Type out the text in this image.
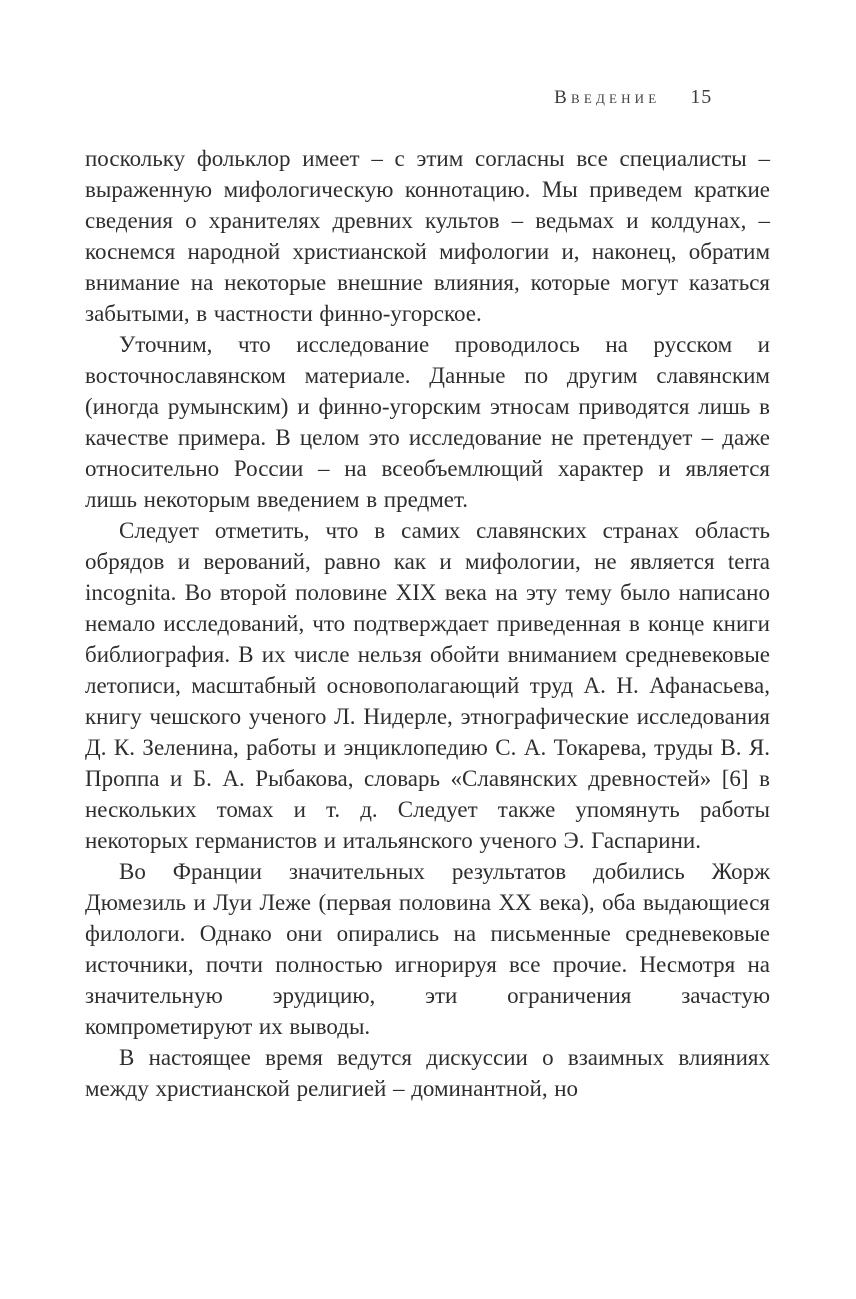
Введение 15

поскольку фольклор имеет – с этим согласны все специалисты – выраженную мифологическую коннотацию. Мы приведем краткие сведения о хранителях древних культов – ведьмах и колдунах, – коснемся народной христианской мифологии и, наконец, обратим внимание на некоторые внешние влияния, которые могут казаться забытыми, в частности финно-угорское.

Уточним, что исследование проводилось на русском и восточнославянском материале. Данные по другим славянским (иногда румынским) и финно-угорским этносам приводятся лишь в качестве примера. В целом это исследование не претендует – даже относительно России – на всеобъемлющий характер и является лишь некоторым введением в предмет.

Следует отметить, что в самих славянских странах область обрядов и верований, равно как и мифологии, не является terra incognita. Во второй половине XIX века на эту тему было написано немало исследований, что подтверждает приведенная в конце книги библиография. В их числе нельзя обойти вниманием средневековые летописи, масштабный основополагающий труд А. Н. Афанасьева, книгу чешского ученого Л. Нидерле, этнографические исследования Д. К. Зеленина, работы и энциклопедию С. А. Токарева, труды В. Я. Проппа и Б. А. Рыбакова, словарь «Славянских древностей» [6] в нескольких томах и т. д. Следует также упомянуть работы некоторых германистов и итальянского ученого Э. Гаспарини.

Во Франции значительных результатов добились Жорж Дюмезиль и Луи Леже (первая половина XX века), оба выдающиеся филологи. Однако они опирались на письменные средневековые источники, почти полностью игнорируя все прочие. Несмотря на значительную эрудицию, эти ограничения зачастую компрометируют их выводы.

В настоящее время ведутся дискуссии о взаимных влияниях между христианской религией – доминантной, но
